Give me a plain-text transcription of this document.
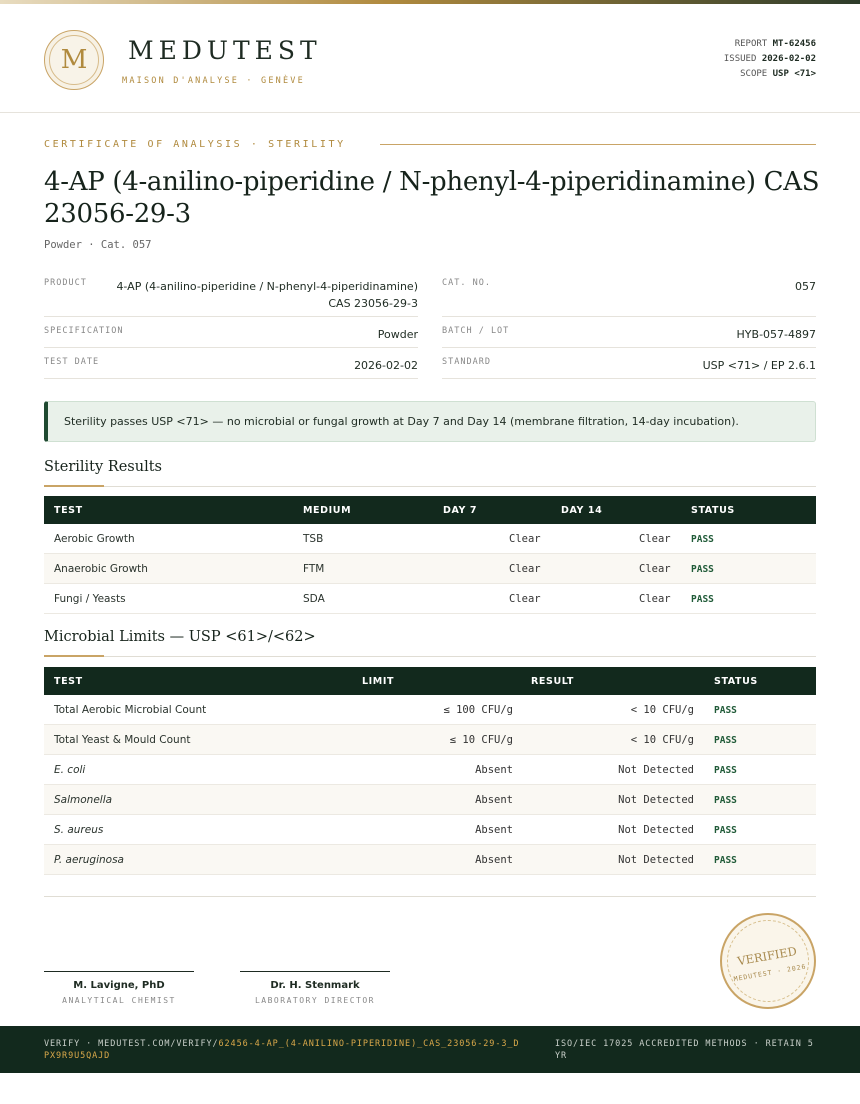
M	MEDUTEST
MAISON D'ANALYSE · GENÈVE
REPORT MT-62456
ISSUED 2026-02-02
SCOPE USP <71>
CERTIFICATE OF ANALYSIS · STERILITY
4-AP (4-anilino-piperidine / N-phenyl-4-piperidinamine) CAS 23056-29-3
Powder · Cat. 057
PRODUCT	4-AP (4-anilino-piperidine / N-phenyl-4-piperidinamine) CAS 23056-29-3
CAT. NO.	057
SPECIFICATION	Powder	BATCH / LOT	HYB-057-4897
TEST DATE	2026-02-02	STANDARD	USP <71> / EP 2.6.1
Sterility passes USP <71> — no microbial or fungal growth at Day 7 and Day 14 (membrane filtration, 14-day incubation).
Sterility Results
TEST	MEDIUM	DAY 7	DAY 14	STATUS
Aerobic Growth	TSB	Clear	Clear PASS
Anaerobic Growth	FTM	Clear	Clear PASS
Fungi / Yeasts	SDA	Clear	Clear PASS
Microbial Limits — USP <61>/<62>
TEST	LIMIT	RESULT	STATUS
Total Aerobic Microbial Count	≤ 100 CFU/g	< 10 CFU/g PASS
Total Yeast & Mould Count	≤ 10 CFU/g	< 10 CFU/g PASS
E. coli	Absent	Not Detected PASS
Salmonella	Absent	Not Detected PASS
S. aureus	Absent	Not Detected PASS
P. aeruginosa	Absent	Not Detected PASS
M. Lavigne, PhD
ANALYTICAL CHEMIST
Dr. H. Stenmark
LABORATORY DIRECTOR
VERIFIED
MEDUTEST · 2026
VERIFY · MEDUTEST.COM/VERIFY/62456-4-AP_(4-ANILINO-PIPERIDINE)_CAS_23056-29-3_DPX9R9U5QAJD
ISO/IEC 17025 ACCREDITED METHODS · RETAIN 5 YR
